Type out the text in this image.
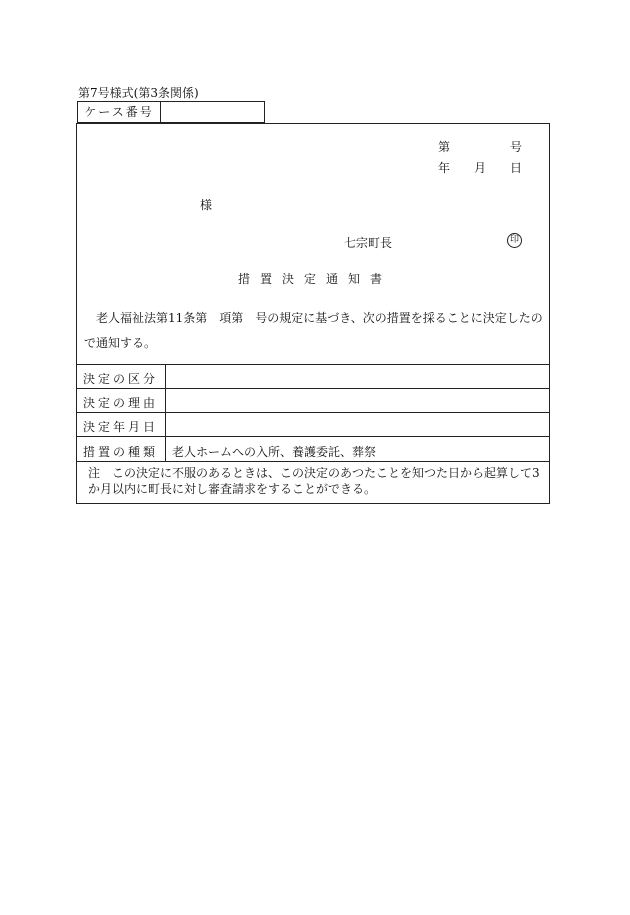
第7号様式(第3条関係)
ケース番号
第	号
年 月 日
様
七宗町長	印
措置決定通知書
老人福祉法第11条第　項第　号の規定に基づき、次の措置を採ることに決定したので通知する。
決定の区分
決定の理由
決定年月日
措置の種類	老人ホームへの入所、養護委託、葬祭
注　 この決定に不服のあるときは、この決定のあつたことを知つた日から起算して3か月以内に町長に対し審査請求をすることができる。
